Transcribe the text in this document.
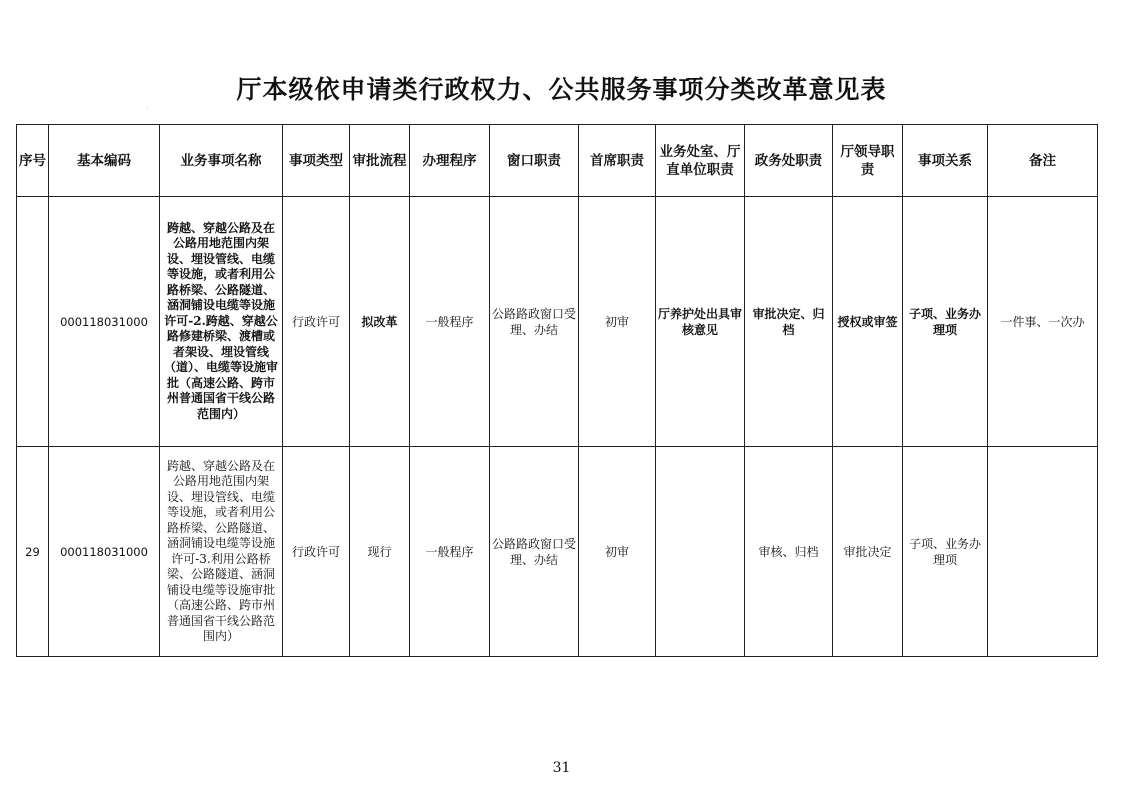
厅本级依申请类行政权力、公共服务事项分类改革意见表
·
序号	基本编码	业务事项名称	事项类型	审批流程	办理程序	窗口职责	首席职责	业务处室、厅直单位职责	政务处职责	厅领导职责	事项关系	备注
	000118031000	跨越、穿越公路及在公路用地范围内架设、埋设管线、电缆等设施，或者利用公路桥梁、公路隧道、涵洞铺设电缆等设施许可-2.跨越、穿越公路修建桥梁、渡槽或者架设、埋设管线（道）、电缆等设施审批（高速公路、跨市州普通国省干线公路范围内）	行政许可	拟改革	一般程序	公路路政窗口受理、办结	初审	厅养护处出具审核意见	审批决定、归档	授权或审签	子项、业务办理项	一件事、一次办
29	000118031000	跨越、穿越公路及在公路用地范围内架设、埋设管线、电缆等设施，或者利用公路桥梁、公路隧道、涵洞铺设电缆等设施许可-3.利用公路桥梁、公路隧道、涵洞铺设电缆等设施审批（高速公路、跨市州普通国省干线公路范围内）	行政许可	现行	一般程序	公路路政窗口受理、办结	初审		审核、归档	审批决定	子项、业务办理项	
31
